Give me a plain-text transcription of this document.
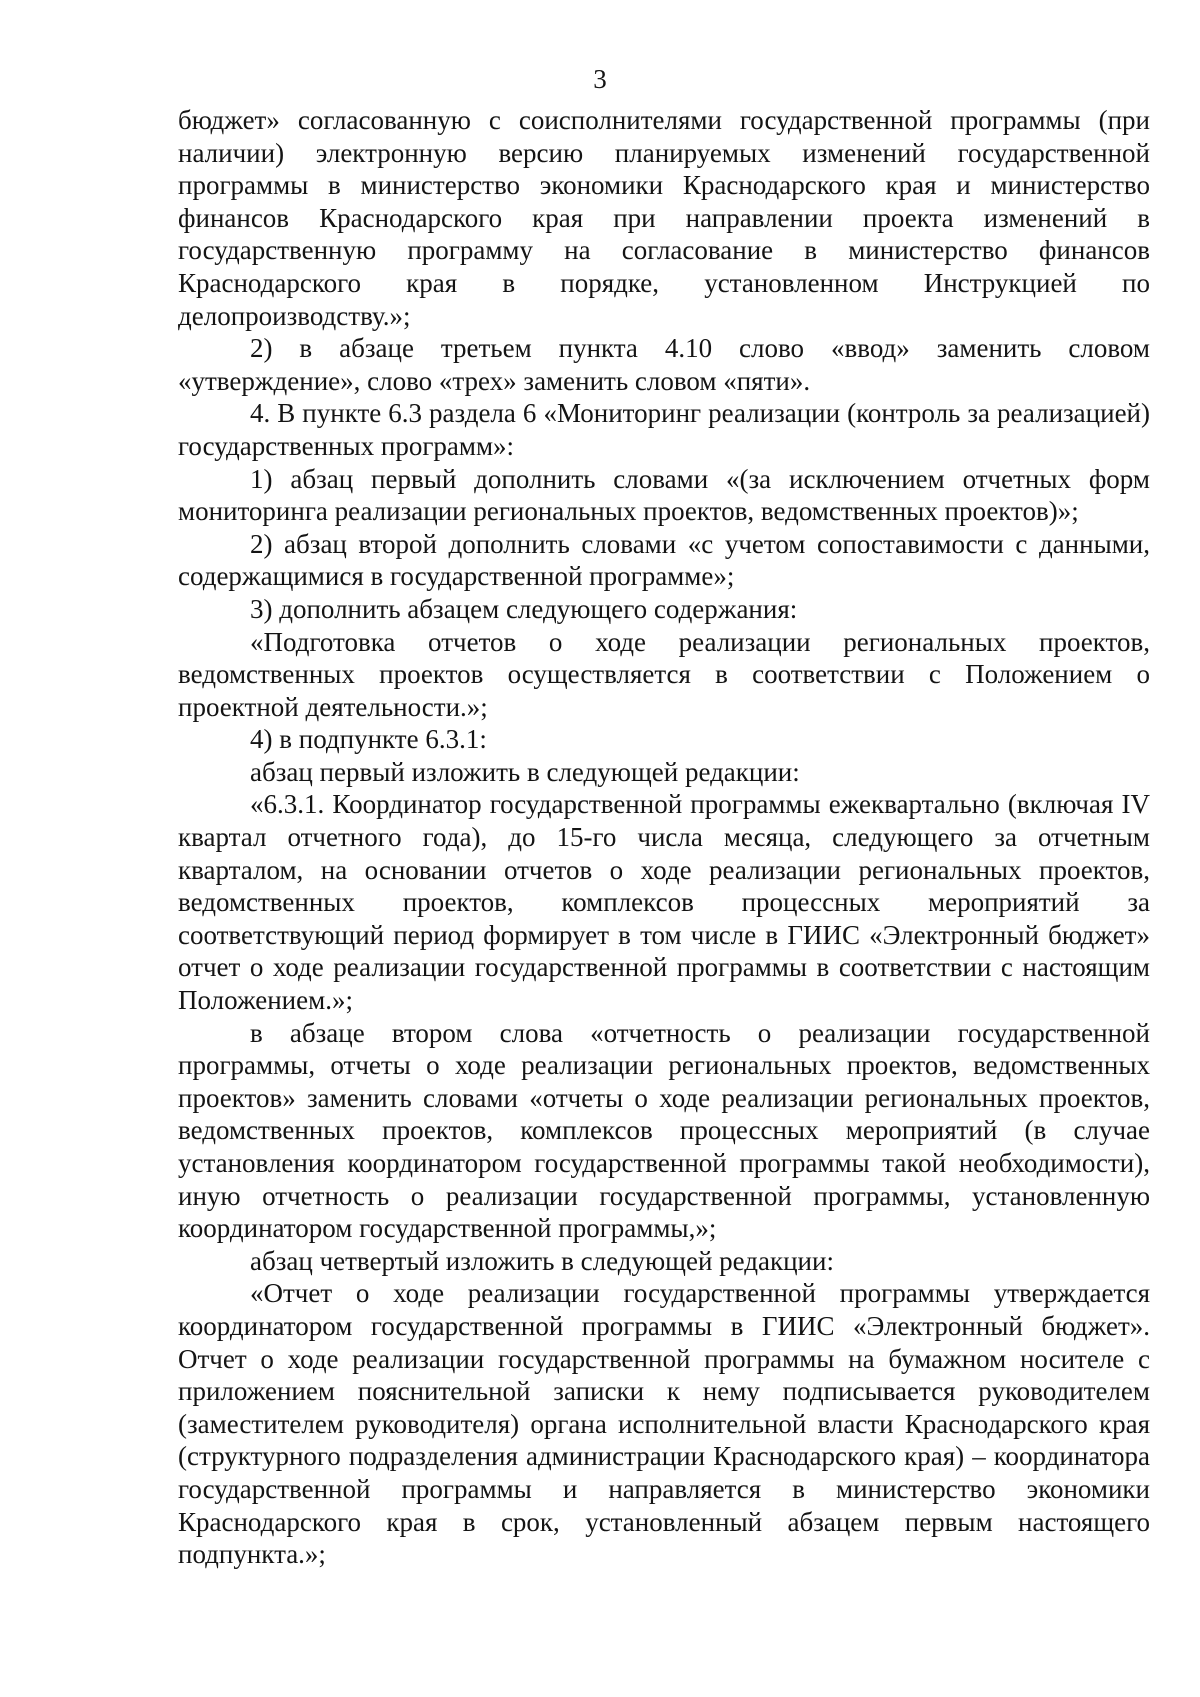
3

бюджет» согласованную с соисполнителями государственной программы (при наличии) электронную версию планируемых изменений государственной программы в министерство экономики Краснодарского края и министерство финансов Краснодарского края при направлении проекта изменений в государственную программу на согласование в министерство финансов Краснодарского края в порядке, установленном Инструкцией по делопроизводству.»;

2) в абзаце третьем пункта 4.10 слово «ввод» заменить словом «утверждение», слово «трех» заменить словом «пяти».

4. В пункте 6.3 раздела 6 «Мониторинг реализации (контроль за реализацией) государственных программ»:

1) абзац первый дополнить словами «(за исключением отчетных форм мониторинга реализации региональных проектов, ведомственных проектов)»;

2) абзац второй дополнить словами «с учетом сопоставимости с данными, содержащимися в государственной программе»;

3) дополнить абзацем следующего содержания:

«Подготовка отчетов о ходе реализации региональных проектов, ведомственных проектов осуществляется в соответствии с Положением о проектной деятельности.»;

4) в подпункте 6.3.1:

абзац первый изложить в следующей редакции:

«6.3.1. Координатор государственной программы ежеквартально (включая IV квартал отчетного года), до 15-го числа месяца, следующего за отчетным кварталом, на основании отчетов о ходе реализации региональных проектов, ведомственных проектов, комплексов процессных мероприятий за соответствующий период формирует в том числе в ГИИС «Электронный бюджет» отчет о ходе реализации государственной программы в соответствии с настоящим Положением.»;

в абзаце втором слова «отчетность о реализации государственной программы, отчеты о ходе реализации региональных проектов, ведомственных проектов» заменить словами «отчеты о ходе реализации региональных проектов, ведомственных проектов, комплексов процессных мероприятий (в случае установления координатором государственной программы такой необходимости), иную отчетность о реализации государственной программы, установленную координатором государственной программы,»;

абзац четвертый изложить в следующей редакции:

«Отчет о ходе реализации государственной программы утверждается координатором государственной программы в ГИИС «Электронный бюджет». Отчет о ходе реализации государственной программы на бумажном носителе с приложением пояснительной записки к нему подписывается руководителем (заместителем руководителя) органа исполнительной власти Краснодарского края (структурного подразделения администрации Краснодарского края) – координатора государственной программы и направляется в министерство экономики Краснодарского края в срок, установленный абзацем первым настоящего подпункта.»;
